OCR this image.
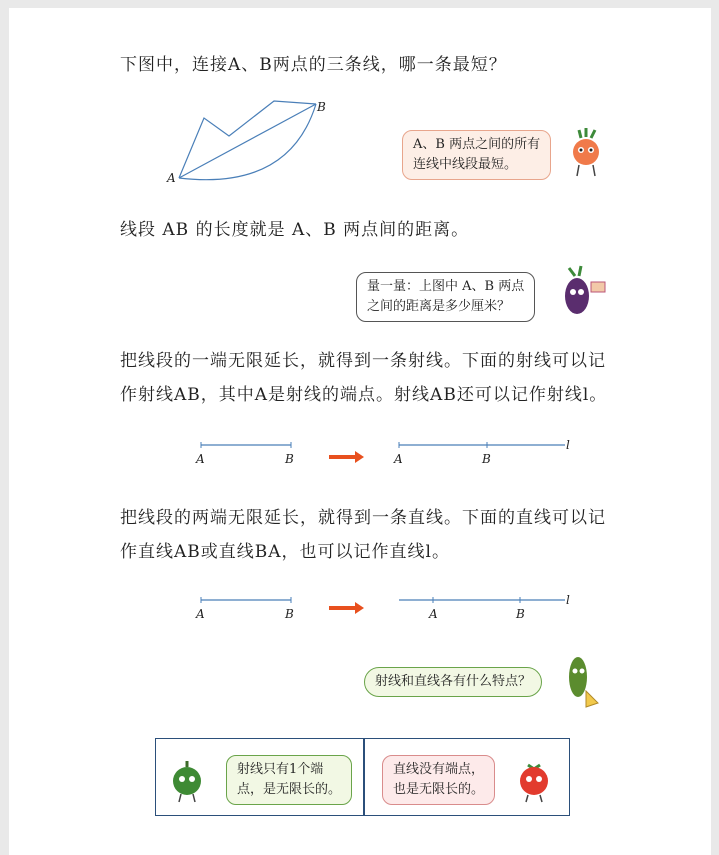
下图中，连接A、B两点的三条线，哪一条最短？
A
B
A、B 两点之间的所有
连线中线段最短。
线段 AB 的长度就是 A、B 两点间的距离。
量一量：上图中 A、B 两点
之间的距离是多少厘米？
把线段的一端无限延长，就得到一条射线。下面的射线可以记
作射线AB，其中A是射线的端点。射线AB还可以记作射线l。
A	B	A	B
l
把线段的两端无限延长，就得到一条直线。下面的直线可以记
作直线AB或直线BA，也可以记作直线l。
A	B	A	B
l
射线和直线各有什么特点？
射线只有1个端
点，是无限长的。
直线没有端点，
也是无限长的。
